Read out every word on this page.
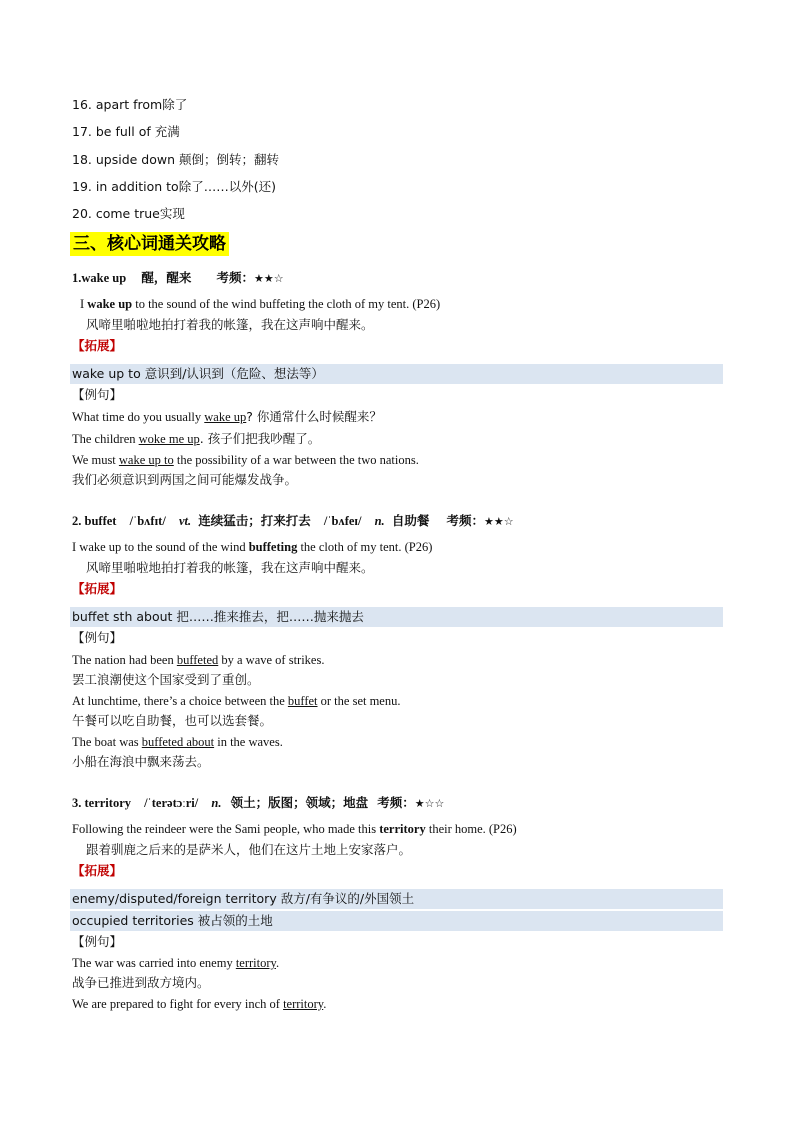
16. apart from除了
17. be full of 充满
18. upside down 颠倒；倒转；翻转
19. in addition to除了……以外(还)
20. come true实现
三、核心词通关攻略
1.wake up 醒，醒来 考频：★★☆
I wake up to the sound of the wind buffeting the cloth of my tent. (P26)
风啼里啪啦地拍打着我的帐篷，我在这声响中醒来。
【拓展】
wake up to 意识到/认识到（危险、想法等）
【例句】
What time do you usually wake up? 你通常什么时候醒来？
The children woke me up. 孩子们把我吵醒了。
We must wake up to the possibility of a war between the two nations.
我们必须意识到两国之间可能爆发战争。
2. buffet /ˈbʌfɪt/ vt. 连续猛击；打来打去 /ˈbʌfeɪ/ n. 自助餐 考频：★★☆
I wake up to the sound of the wind buffeting the cloth of my tent. (P26)
风啼里啪啦地拍打着我的帐篷，我在这声响中醒来。
【拓展】
buffet sth about 把……推来推去，把……抛来抛去
【例句】
The nation had been buffeted by a wave of strikes.
罢工浪潮使这个国家受到了重创。
At lunchtime, there’s a choice between the buffet or the set menu.
午餐可以吃自助餐，也可以选套餐。
The boat was buffeted about in the waves.
小船在海浪中飘来荡去。
3. territory /ˈterətɔːri/ n. 领土；版图；领域；地盘 考频：★☆☆
Following the reindeer were the Sami people, who made this territory their home. (P26)
跟着驯鹿之后来的是萨米人，他们在这片土地上安家落户。
【拓展】
enemy/disputed/foreign territory 敌方/有争议的/外国领土
occupied territories 被占领的土地
【例句】
The war was carried into enemy territory.
战争已推进到敌方境内。
We are prepared to fight for every inch of territory.
